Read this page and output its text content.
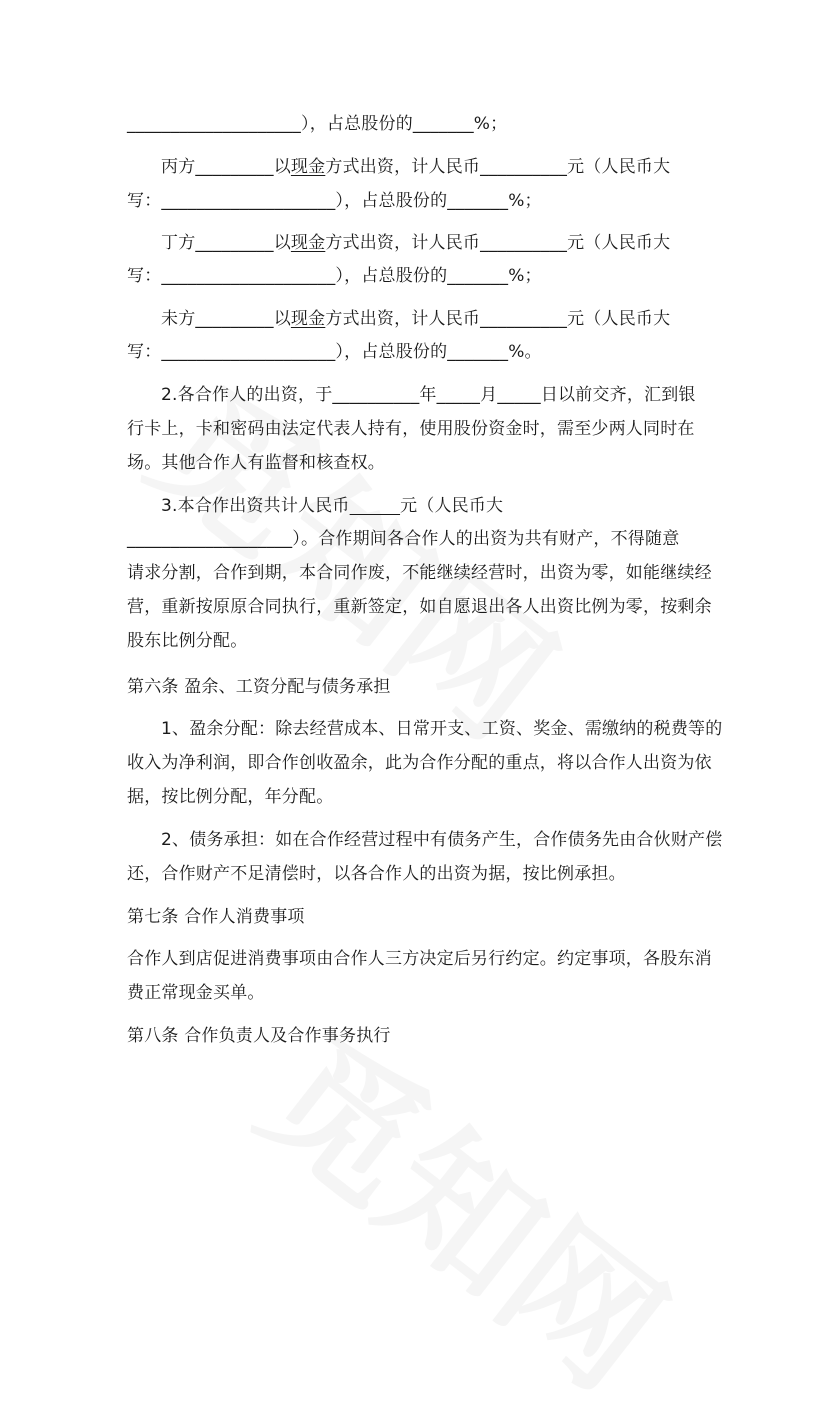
____________________），占总股份的_______%；
丙方_________以现金方式出资，计人民币__________元（人民币大
写：____________________），占总股份的_______%；
丁方_________以现金方式出资，计人民币__________元（人民币大
写：____________________），占总股份的_______%；
未方_________以现金方式出资，计人民币__________元（人民币大
写：____________________），占总股份的_______%。
2.各合作人的出资，于__________年_____月_____日以前交齐，汇到银
行卡上，卡和密码由法定代表人持有，使用股份资金时，需至少两人同时在
场。其他合作人有监督和核查权。
3.本合作出资共计人民币	元（人民币大
___________________）。合作期间各合作人的出资为共有财产，不得随意
请求分割，合作到期，本合同作废，不能继续经营时，出资为零，如能继续经
营，重新按原原合同执行，重新签定，如自愿退出各人出资比例为零，按剩余
股东比例分配。
第六条 盈余、工资分配与债务承担
1、盈余分配：除去经营成本、日常开支、工资、奖金、需缴纳的税费等的
收入为净利润，即合作创收盈余，此为合作分配的重点，将以合作人出资为依
据，按比例分配，年分配。
2、债务承担：如在合作经营过程中有债务产生，合作债务先由合伙财产偿
还，合作财产不足清偿时，以各合作人的出资为据，按比例承担。
第七条 合作人消费事项
合作人到店促进消费事项由合作人三方决定后另行约定。约定事项，各股东消
费正常现金买单。
第八条 合作负责人及合作事务执行
